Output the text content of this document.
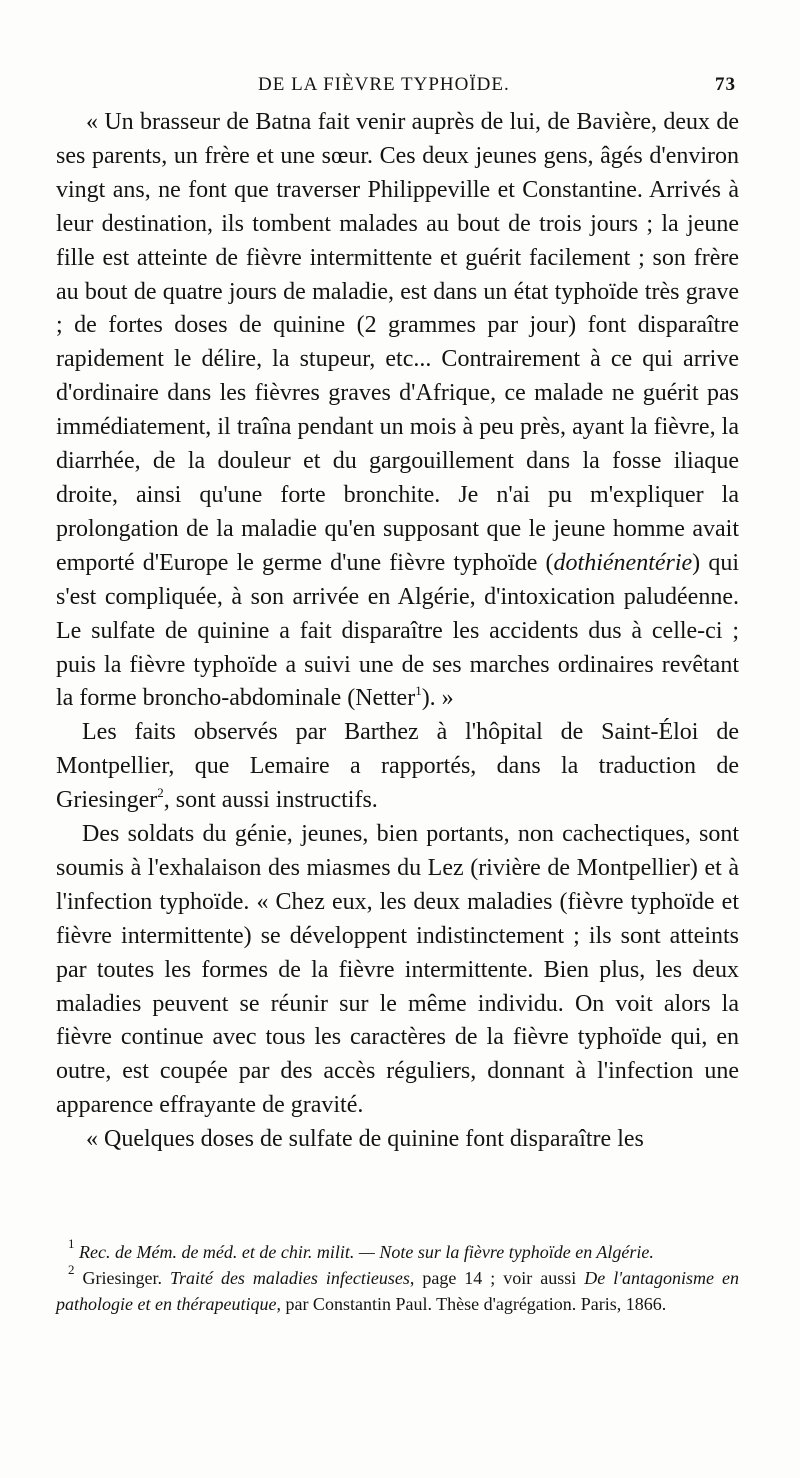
DE LA FIÈVRE TYPHOÏDE.	73

« Un brasseur de Batna fait venir auprès de lui, de Bavière, deux de ses parents, un frère et une sœur. Ces deux jeunes gens, âgés d'environ vingt ans, ne font que traverser Philippeville et Constantine. Arrivés à leur destination, ils tombent malades au bout de trois jours ; la jeune fille est atteinte de fièvre intermittente et guérit facilement ; son frère au bout de quatre jours de maladie, est dans un état typhoïde très grave ; de fortes doses de quinine (2 grammes par jour) font disparaître rapidement le délire, la stupeur, etc... Contrairement à ce qui arrive d'ordinaire dans les fièvres graves d'Afrique, ce malade ne guérit pas immédiatement, il traîna pendant un mois à peu près, ayant la fièvre, la diarrhée, de la douleur et du gargouillement dans la fosse iliaque droite, ainsi qu'une forte bronchite. Je n'ai pu m'expliquer la prolongation de la maladie qu'en supposant que le jeune homme avait emporté d'Europe le germe d'une fièvre typhoïde (dothiénentérie) qui s'est compliquée, à son arrivée en Algérie, d'intoxication paludéenne. Le sulfate de quinine a fait disparaître les accidents dus à celle-ci ; puis la fièvre typhoïde a suivi une de ses marches ordinaires revêtant la forme broncho-abdominale (Netter$^1$). »

Les faits observés par Barthez à l'hôpital de Saint-Éloi de Montpellier, que Lemaire a rapportés, dans la traduction de Griesinger$^2$, sont aussi instructifs.

Des soldats du génie, jeunes, bien portants, non cachectiques, sont soumis à l'exhalaison des miasmes du Lez (rivière de Montpellier) et à l'infection typhoïde. « Chez eux, les deux maladies (fièvre typhoïde et fièvre intermittente) se développent indistinctement ; ils sont atteints par toutes les formes de la fièvre intermittente. Bien plus, les deux maladies peuvent se réunir sur le même individu. On voit alors la fièvre continue avec tous les caractères de la fièvre typhoïde qui, en outre, est coupée par des accès réguliers, donnant à l'infection une apparence effrayante de gravité.

« Quelques doses de sulfate de quinine font disparaître les

$^1$ Rec. de Mém. de méd. et de chir. milit. — Note sur la fièvre typhoïde en Algérie.

$^2$ Griesinger. Traité des maladies infectieuses, page 14 ; voir aussi De l'antagonisme en pathologie et en thérapeutique, par Constantin Paul. Thèse d'agrégation. Paris, 1866.
